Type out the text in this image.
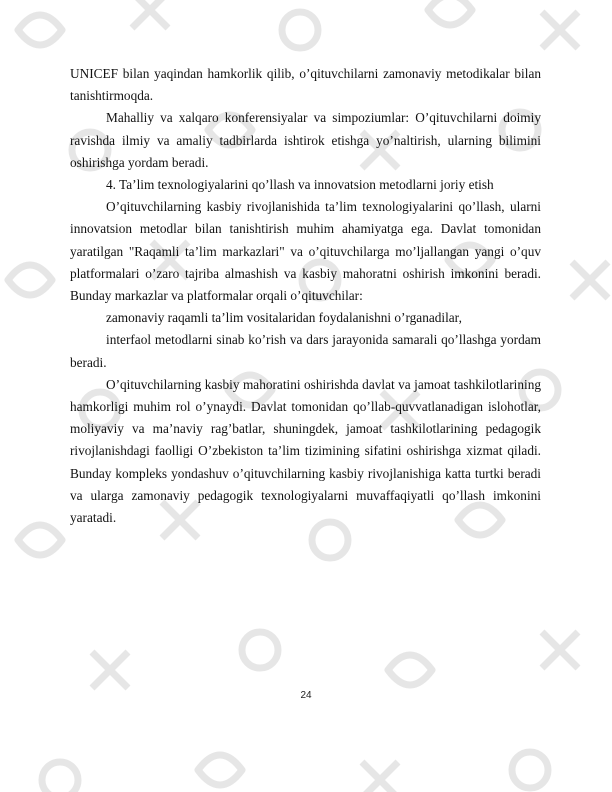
UNICEF bilan yaqindan hamkorlik qilib, o’qituvchilarni zamonaviy metodikalar bilan tanishtirmoqda.

Mahalliy va xalqaro konferensiyalar va simpoziumlar: O’qituvchilarni doimiy ravishda ilmiy va amaliy tadbirlarda ishtirok etishga yo’naltirish, ularning bilimini oshirishga yordam beradi.

4. Ta’lim texnologiyalarini qo’llash va innovatsion metodlarni joriy etish

O’qituvchilarning kasbiy rivojlanishida ta’lim texnologiyalarini qo’llash, ularni innovatsion metodlar bilan tanishtirish muhim ahamiyatga ega. Davlat tomonidan yaratilgan "Raqamli ta’lim markazlari" va o’qituvchilarga mo’ljallangan yangi o’quv platformalari o’zaro tajriba almashish va kasbiy mahoratni oshirish imkonini beradi. Bunday markazlar va platformalar orqali o’qituvchilar:

zamonaviy raqamli ta’lim vositalaridan foydalanishni o’rganadilar,

interfaol metodlarni sinab ko’rish va dars jarayonida samarali qo’llashga yordam beradi.

O’qituvchilarning kasbiy mahoratini oshirishda davlat va jamoat tashkilotlarining hamkorligi muhim rol o’ynaydi. Davlat tomonidan qo’llab-quvvatlanadigan islohotlar, moliyaviy va ma’naviy rag’batlar, shuningdek, jamoat tashkilotlarining pedagogik rivojlanishdagi faolligi O’zbekiston ta’lim tizimining sifatini oshirishga xizmat qiladi. Bunday kompleks yondashuv o’qituvchilarning kasbiy rivojlanishiga katta turtki beradi va ularga zamonaviy pedagogik texnologiyalarni muvaffaqiyatli qo’llash imkonini yaratadi.

24
